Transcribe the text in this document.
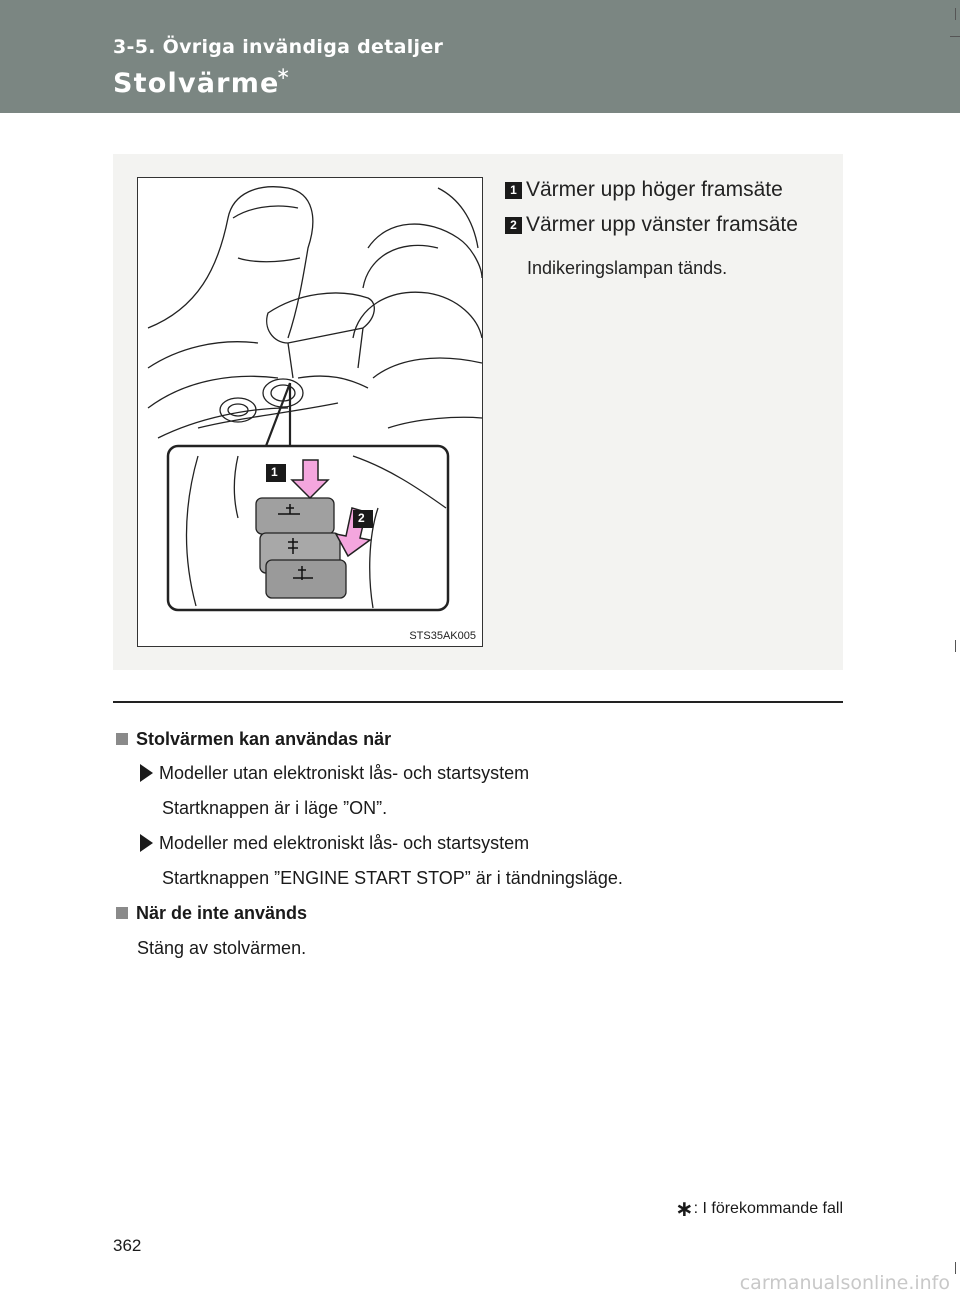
3-5. Övriga invändiga detaljer
Stolvärme
∗
1
2
STS35AK005
1 Värmer upp höger framsäte
2 Värmer upp vänster framsäte
Indikeringslampan tänds.
Stolvärmen kan användas när
Modeller utan elektroniskt lås- och startsystem
Startknappen är i läge ”ON”.
Modeller med elektroniskt lås- och startsystem
Startknappen ”ENGINE START STOP” är i tändningsläge.
När de inte används
Stäng av stolvärmen.
∗: I förekommande fall
362
carmanualsonline.info
